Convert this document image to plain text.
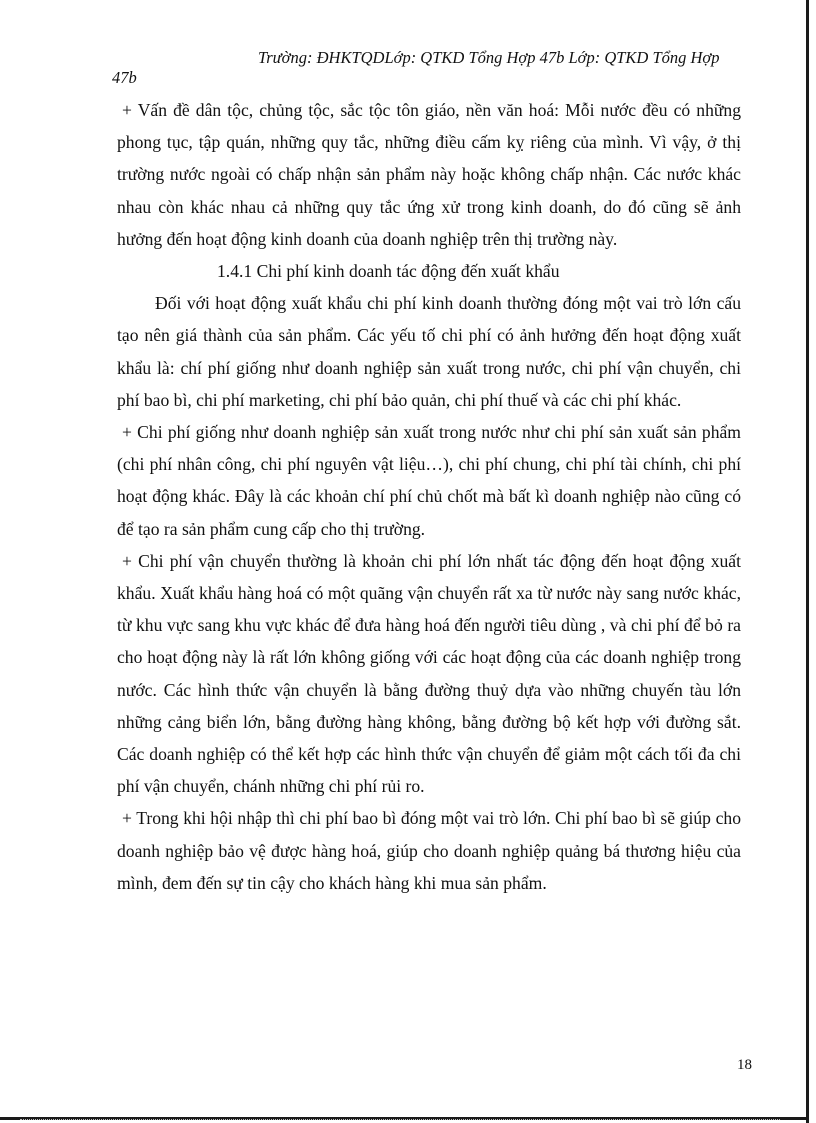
Trường: ĐHKTQDLớp: QTKD Tổng Hợp 47b Lớp: QTKD Tổng Hợp
47b

+ Vấn đề dân tộc, chủng tộc, sắc tộc tôn giáo, nền văn hoá: Mỗi nước đều có những phong tục, tập quán, những quy tắc, những điều cấm kỵ riêng của mình. Vì vậy, ở thị trường nước ngoài có chấp nhận sản phẩm này hoặc không chấp nhận. Các nước khác nhau còn khác nhau cả những quy tắc ứng xử trong kinh doanh, do đó cũng sẽ ảnh hưởng đến hoạt động kinh doanh của doanh nghiệp trên thị trường này.

1.4.1 Chi phí kinh doanh tác động đến xuất khẩu

Đối với hoạt động xuất khẩu chi phí kinh doanh thường đóng một vai trò lớn cấu tạo nên giá thành của sản phẩm. Các yếu tố chi phí có ảnh hưởng đến hoạt động xuất khẩu là: chí phí giống như doanh nghiệp sản xuất trong nước, chi phí vận chuyển, chi phí bao bì, chi phí marketing, chi phí bảo quản, chi phí thuế và các chi phí khác.

+ Chi phí giống như doanh nghiệp sản xuất trong nước như chi phí sản xuất sản phẩm (chi phí nhân công, chi phí nguyên vật liệu…), chi phí chung, chi phí tài chính, chi phí hoạt động khác. Đây là các khoản chí phí chủ chốt mà bất kì doanh nghiệp nào cũng có để tạo ra sản phẩm cung cấp cho thị trường.

+ Chi phí vận chuyển thường là khoản chi phí lớn nhất tác động đến hoạt động xuất khẩu. Xuất khẩu hàng hoá có một quãng vận chuyển rất xa từ nước này sang nước khác, từ khu vực sang khu vực khác để đưa hàng hoá đến người tiêu dùng , và chi phí để bỏ ra cho hoạt động này là rất lớn không giống với các hoạt động của các doanh nghiệp trong nước. Các hình thức vận chuyển là bằng đường thuỷ dựa vào những chuyến tàu lớn những cảng biển lớn, bằng đường hàng không, bằng đường bộ kết hợp với đường sắt. Các doanh nghiệp có thể kết hợp các hình thức vận chuyển để giảm một cách tối đa chi phí vận chuyển, chánh những chi phí rủi ro.

+ Trong khi hội nhập thì chi phí bao bì đóng một vai trò lớn. Chi phí bao bì sẽ giúp cho doanh nghiệp bảo vệ được hàng hoá, giúp cho doanh nghiệp quảng bá thương hiệu của mình, đem đến sự tin cậy cho khách hàng khi mua sản phẩm.

18
